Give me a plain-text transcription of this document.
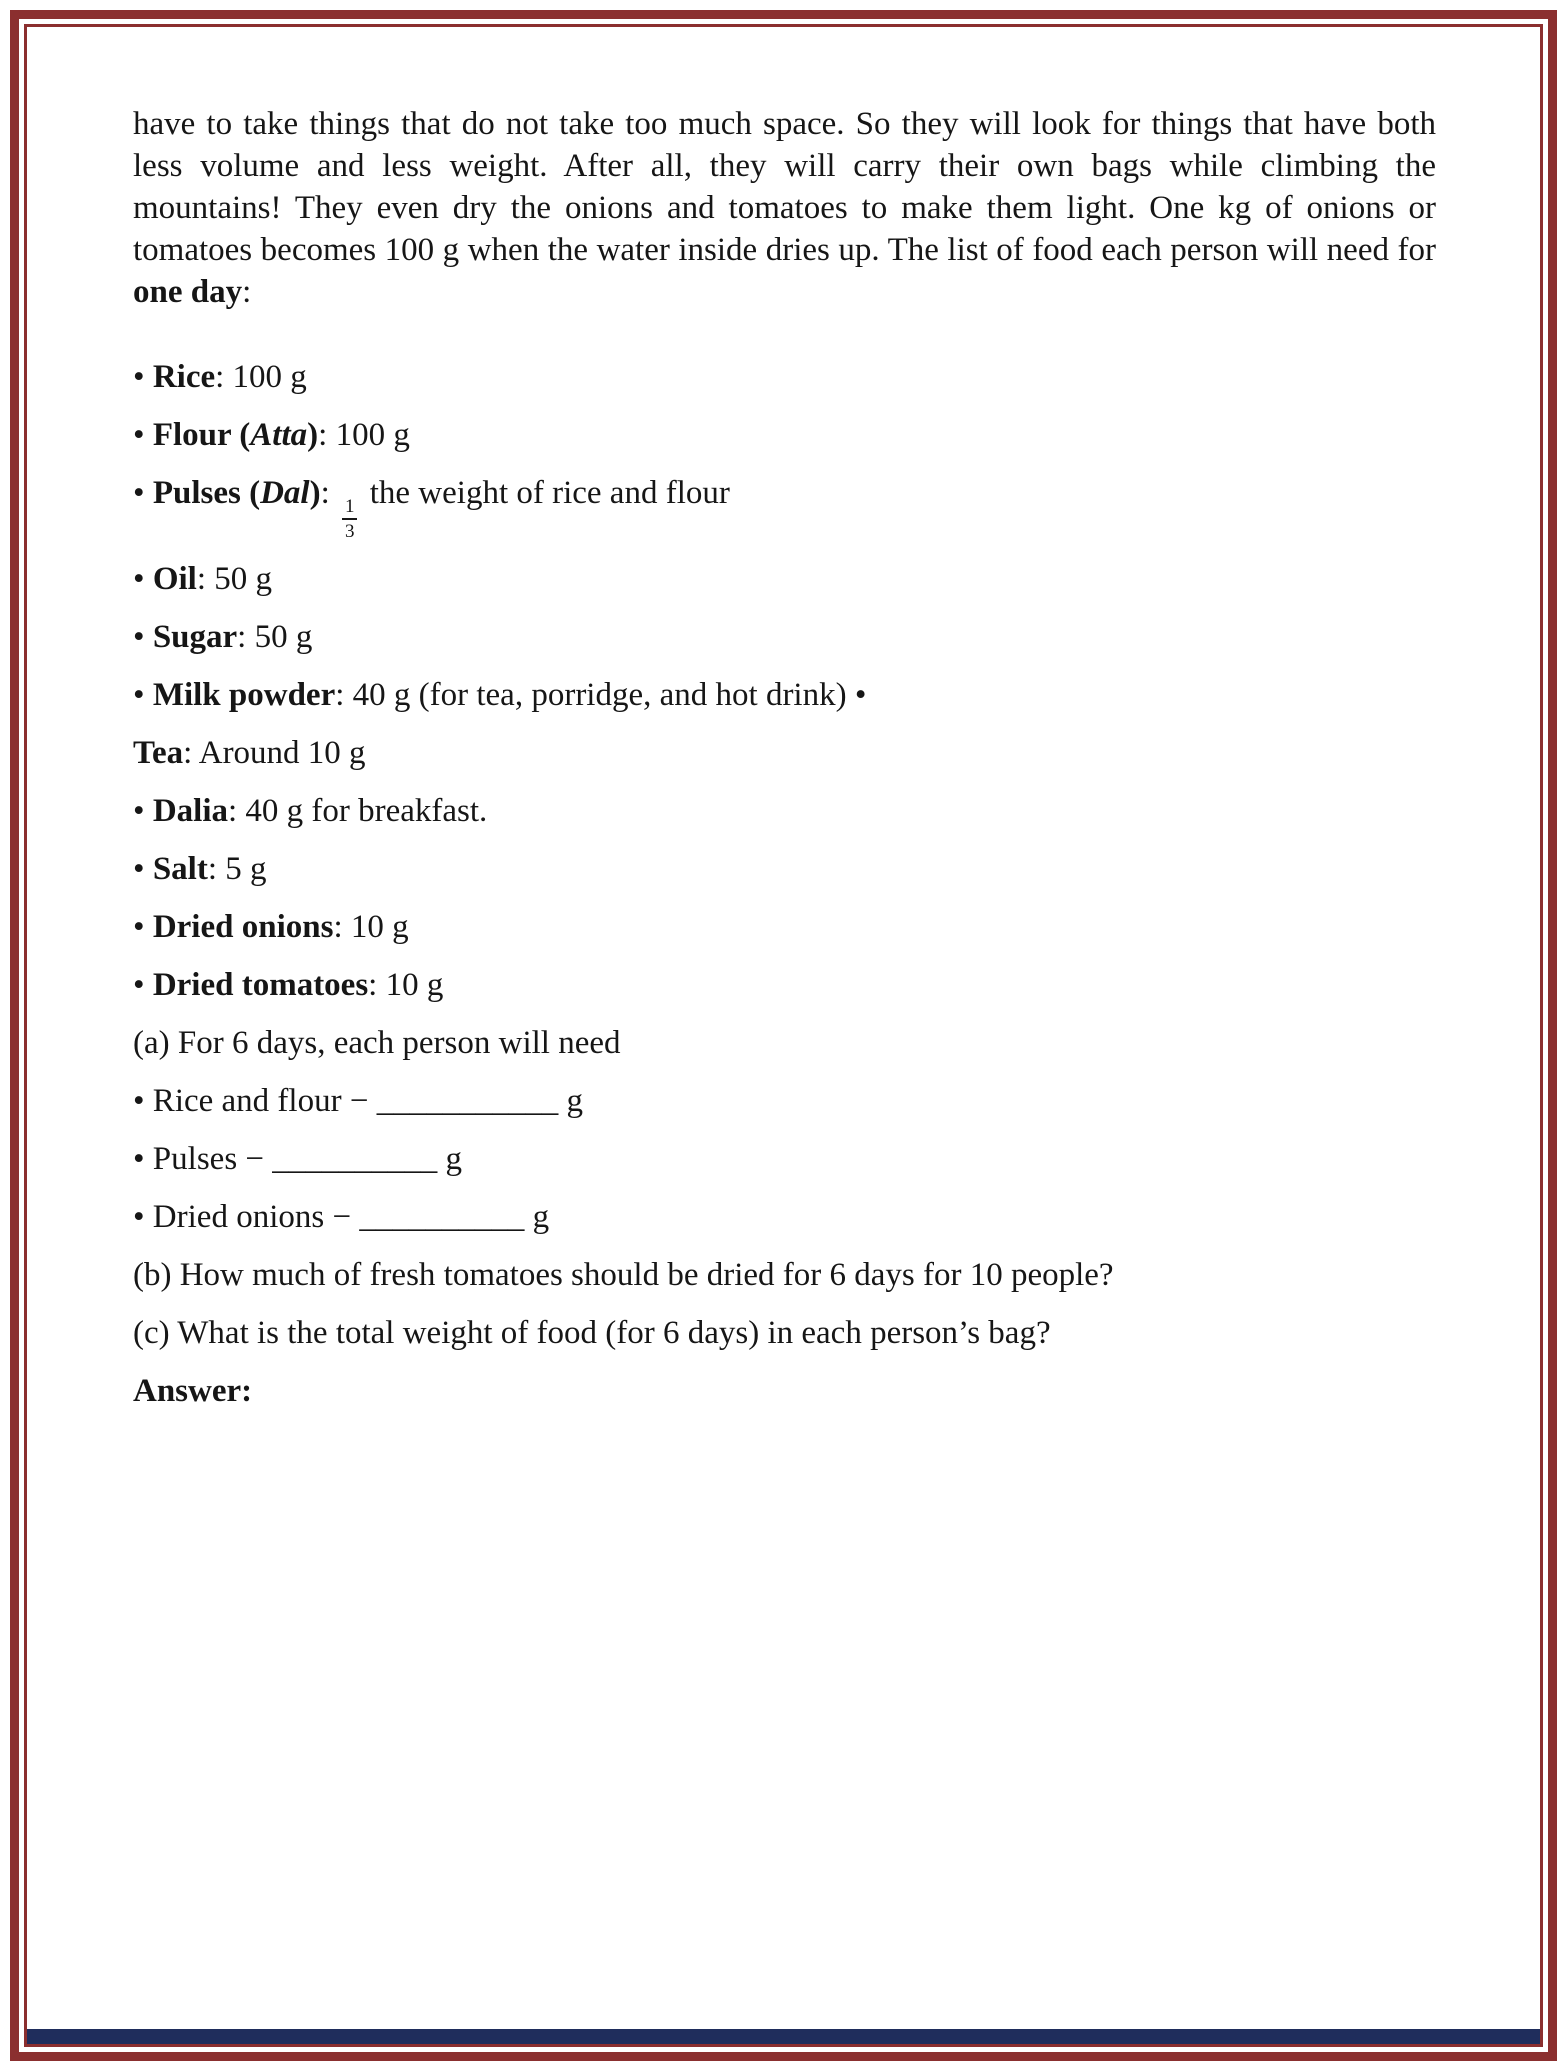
have to take things that do not take too much space. So they will look for things that have both less volume and less weight. After all, they will carry their own bags while climbing the mountains! They even dry the onions and tomatoes to make them light. One kg of onions or tomatoes becomes 100 g when the water inside dries up. The list of food each person will need for one day:

• Rice: 100 g

• Flour (Atta): 100 g

• Pulses (Dal):
$\frac{1}{3}$
the weight of rice and flour

• Oil: 50 g

• Sugar: 50 g

• Milk powder: 40 g (for tea, porridge, and hot drink) •

Tea: Around 10 g

• Dalia: 40 g for breakfast.

• Salt: 5 g

• Dried onions: 10 g

• Dried tomatoes: 10 g

(a) For 6 days, each person will need

• Rice and flour − ___________ g

• Pulses − __________ g

• Dried onions − __________ g

(b) How much of fresh tomatoes should be dried for 6 days for 10 people?

(c) What is the total weight of food (for 6 days) in each person’s bag?

Answer:
